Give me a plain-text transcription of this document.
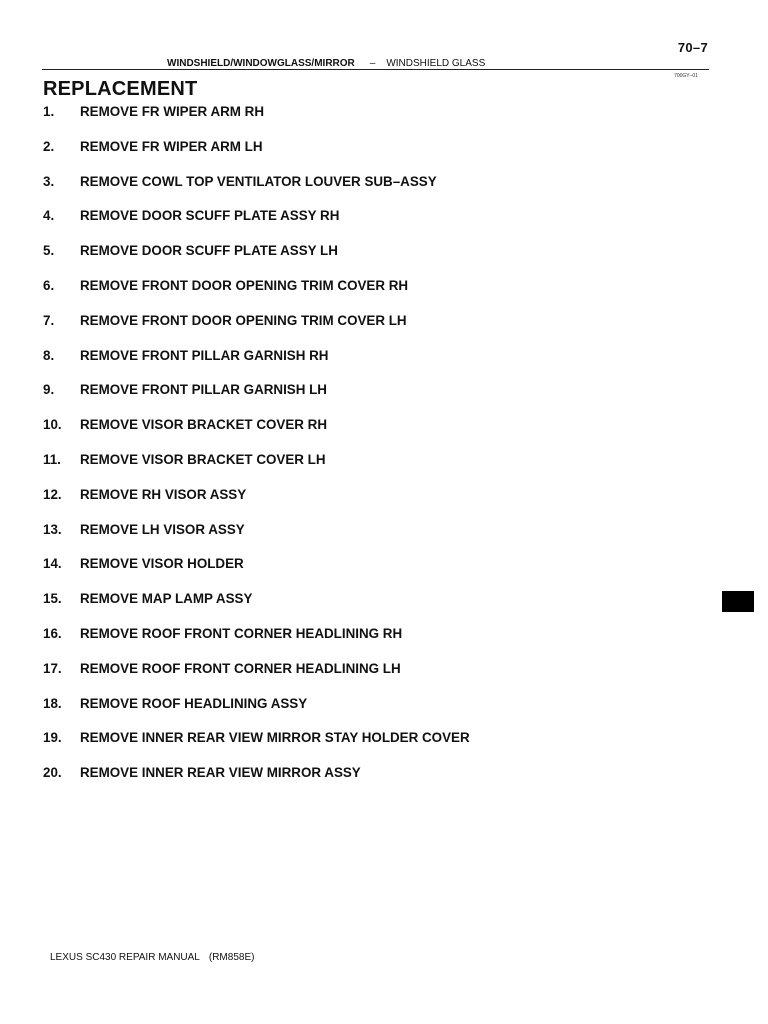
70–7
WINDSHIELD/WINDOWGLASS/MIRROR – WINDSHIELD GLASS
700GY–01
REPLACEMENT
1.	REMOVE FR WIPER ARM RH
2.	REMOVE FR WIPER ARM LH
3.	REMOVE COWL TOP VENTILATOR LOUVER SUB–ASSY
4.	REMOVE DOOR SCUFF PLATE ASSY RH
5.	REMOVE DOOR SCUFF PLATE ASSY LH
6.	REMOVE FRONT DOOR OPENING TRIM COVER RH
7.	REMOVE FRONT DOOR OPENING TRIM COVER LH
8.	REMOVE FRONT PILLAR GARNISH RH
9.	REMOVE FRONT PILLAR GARNISH LH
10.	REMOVE VISOR BRACKET COVER RH
11.	REMOVE VISOR BRACKET COVER LH
12.	REMOVE RH VISOR ASSY
13.	REMOVE LH VISOR ASSY
14.	REMOVE VISOR HOLDER
15.	REMOVE MAP LAMP ASSY
16.	REMOVE ROOF FRONT CORNER HEADLINING RH
17.	REMOVE ROOF FRONT CORNER HEADLINING LH
18.	REMOVE ROOF HEADLINING ASSY
19.	REMOVE INNER REAR VIEW MIRROR STAY HOLDER COVER
20.	REMOVE INNER REAR VIEW MIRROR ASSY
LEXUS SC430 REPAIR MANUAL (RM858E)
